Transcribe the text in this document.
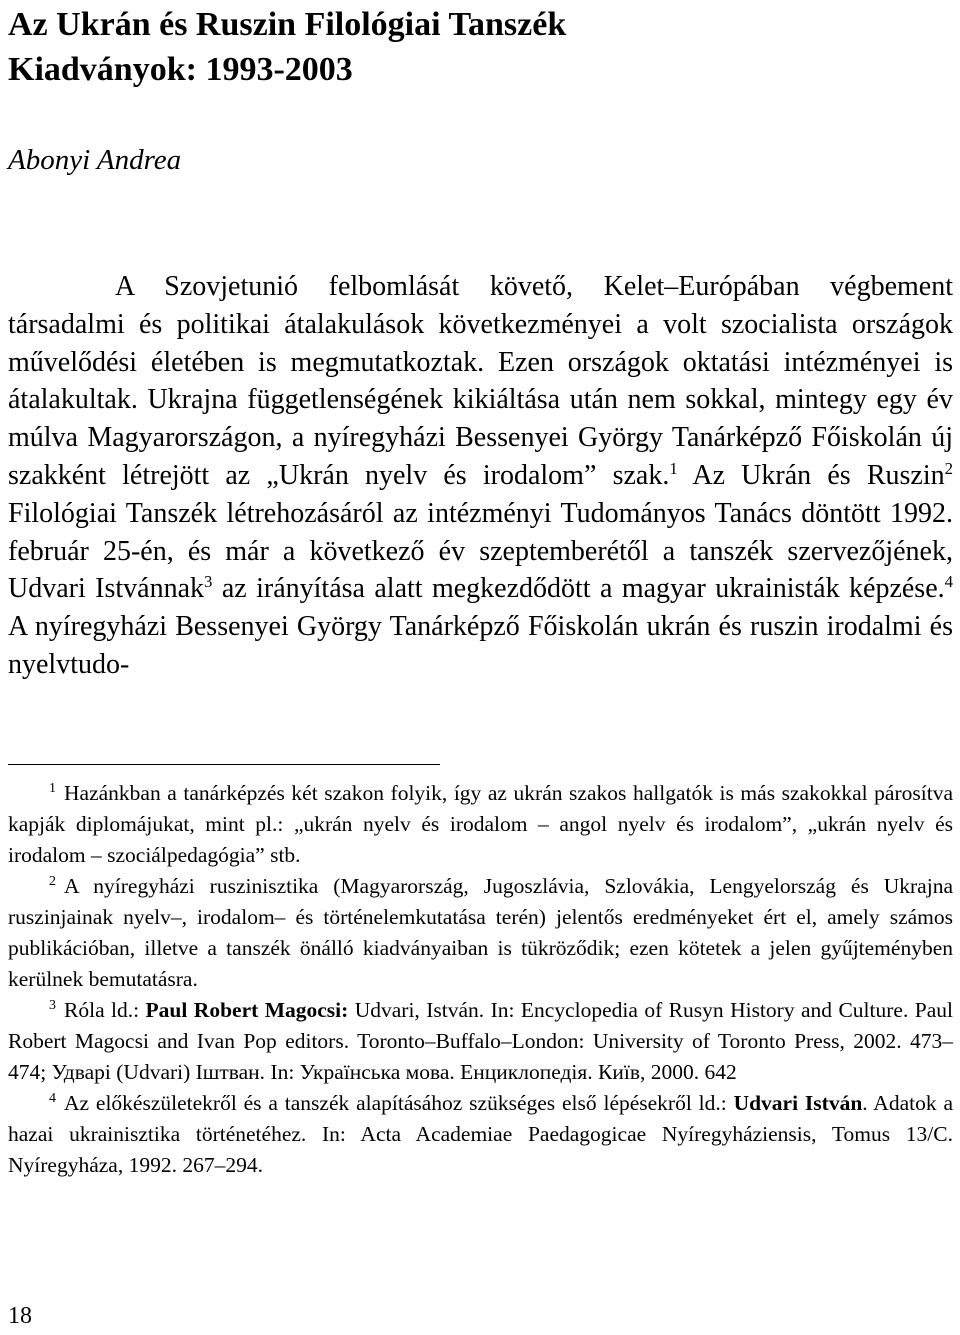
Az Ukrán és Ruszin Filológiai Tanszék
Kiadványok: 1993-2003
Abonyi Andrea

A Szovjetunió felbomlását követő, Kelet–Európában végbement társadalmi és politikai átalakulások következményei a volt szocialista országok művelődési életében is megmutatkoztak. Ezen országok oktatási intézményei is átalakultak. Ukrajna függetlenségének kikiáltása után nem sokkal, mintegy egy év múlva Magyarországon, a nyíregyházi Bessenyei György Tanárképző Főiskolán új szakként létrejött az „Ukrán nyelv és irodalom” szak.$^1$ Az Ukrán és Ruszin$^2$ Filológiai Tanszék létrehozásáról az intézményi Tudományos Tanács döntött 1992. február 25-én, és már a következő év szeptemberétől a tanszék szervezőjének, Udvari Istvánnak$^3$ az irányítása alatt megkezdődött a magyar ukrainisták képzése.$^4$ A nyíregyházi Bessenyei György Tanárképző Főiskolán ukrán és ruszin irodalmi és nyelvtudo-

$^1$ Hazánkban a tanárképzés két szakon folyik, így az ukrán szakos hallgatók is más szakokkal párosítva kapják diplomájukat, mint pl.: „ukrán nyelv és irodalom – angol nyelv és irodalom”, „ukrán nyelv és irodalom – szociálpedagógia” stb.

$^2$ A nyíregyházi ruszinisztika (Magyarország, Jugoszlávia, Szlovákia, Lengyelország és Ukrajna ruszinjainak nyelv–, irodalom– és történelemkutatása terén) jelentős eredményeket ért el, amely számos publikációban, illetve a tanszék önálló kiadványaiban is tükröződik; ezen kötetek a jelen gyűjteményben kerülnek bemutatásra.

$^3$ Róla ld.: Paul Robert Magocsi: Udvari, István. In: Encyclopedia of Rusyn History and Culture. Paul Robert Magocsi and Ivan Pop editors. Toronto–Buffalo–London: University of Toronto Press, 2002. 473–474; Удварі (Udvari) Іштван. In: Українська мова. Енциклопедія. Київ, 2000. 642

$^4$ Az előkészületekről és a tanszék alapításához szükséges első lépésekről ld.: Udvari István. Adatok a hazai ukrainisztika történetéhez. In: Acta Academiae Paedagogicae Nyíregyháziensis, Tomus 13/C. Nyíregyháza, 1992. 267–294.

18
